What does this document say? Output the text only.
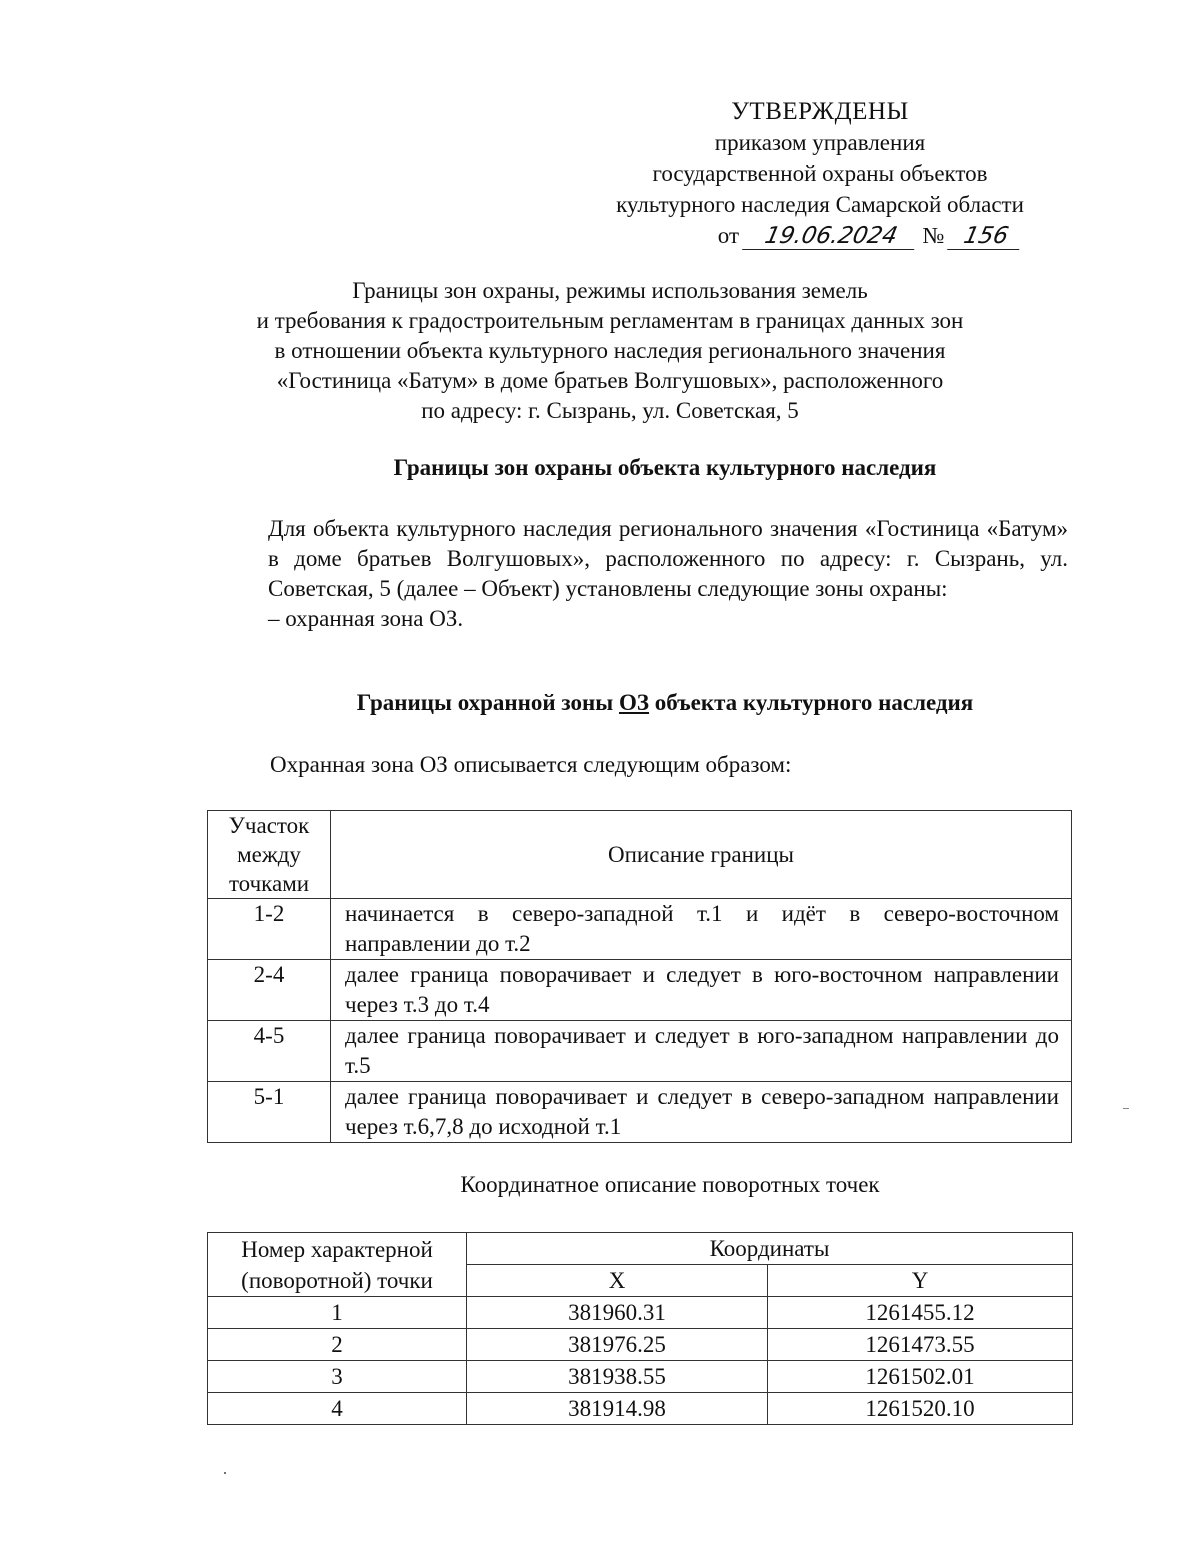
УТВЕРЖДЕНЫ
приказом управления
государственной охраны объектов
культурного наследия Самарской области
от 19.06.2024 № 156
Границы зон охраны, режимы использования земель
и требования к градостроительным регламентам в границах данных зон
в отношении объекта культурного наследия регионального значения
«Гостиница «Батум» в доме братьев Волгушовых», расположенного
по адресу: г. Сызрань, ул. Советская, 5
Границы зон охраны объекта культурного наследия
Для объекта культурного наследия регионального значения «Гостиница «Батум» в доме братьев Волгушовых», расположенного по адресу: г. Сызрань, ул. Советская, 5 (далее – Объект) установлены следующие зоны охраны:
– охранная зона ОЗ.
Границы охранной зоны ОЗ объекта культурного наследия
Охранная зона ОЗ описывается следующим образом:
Участок
между
точками	Описание границы
1-2	начинается в северо-западной т.1 и идёт в северо-восточном направлении до т.2
2-4	далее граница поворачивает и следует в юго-восточном направлении через т.3 до т.4
4-5	далее граница поворачивает и следует в юго-западном направлении до т.5
5-1	далее граница поворачивает и следует в северо-западном направлении через т.6,7,8 до исходной т.1
Координатное описание поворотных точек
Номер характерной
(поворотной) точки	Координаты	
	X	Y
1	381960.31	1261455.12
2	381976.25	1261473.55
3	381938.55	1261502.01
4	381914.98	1261520.10
